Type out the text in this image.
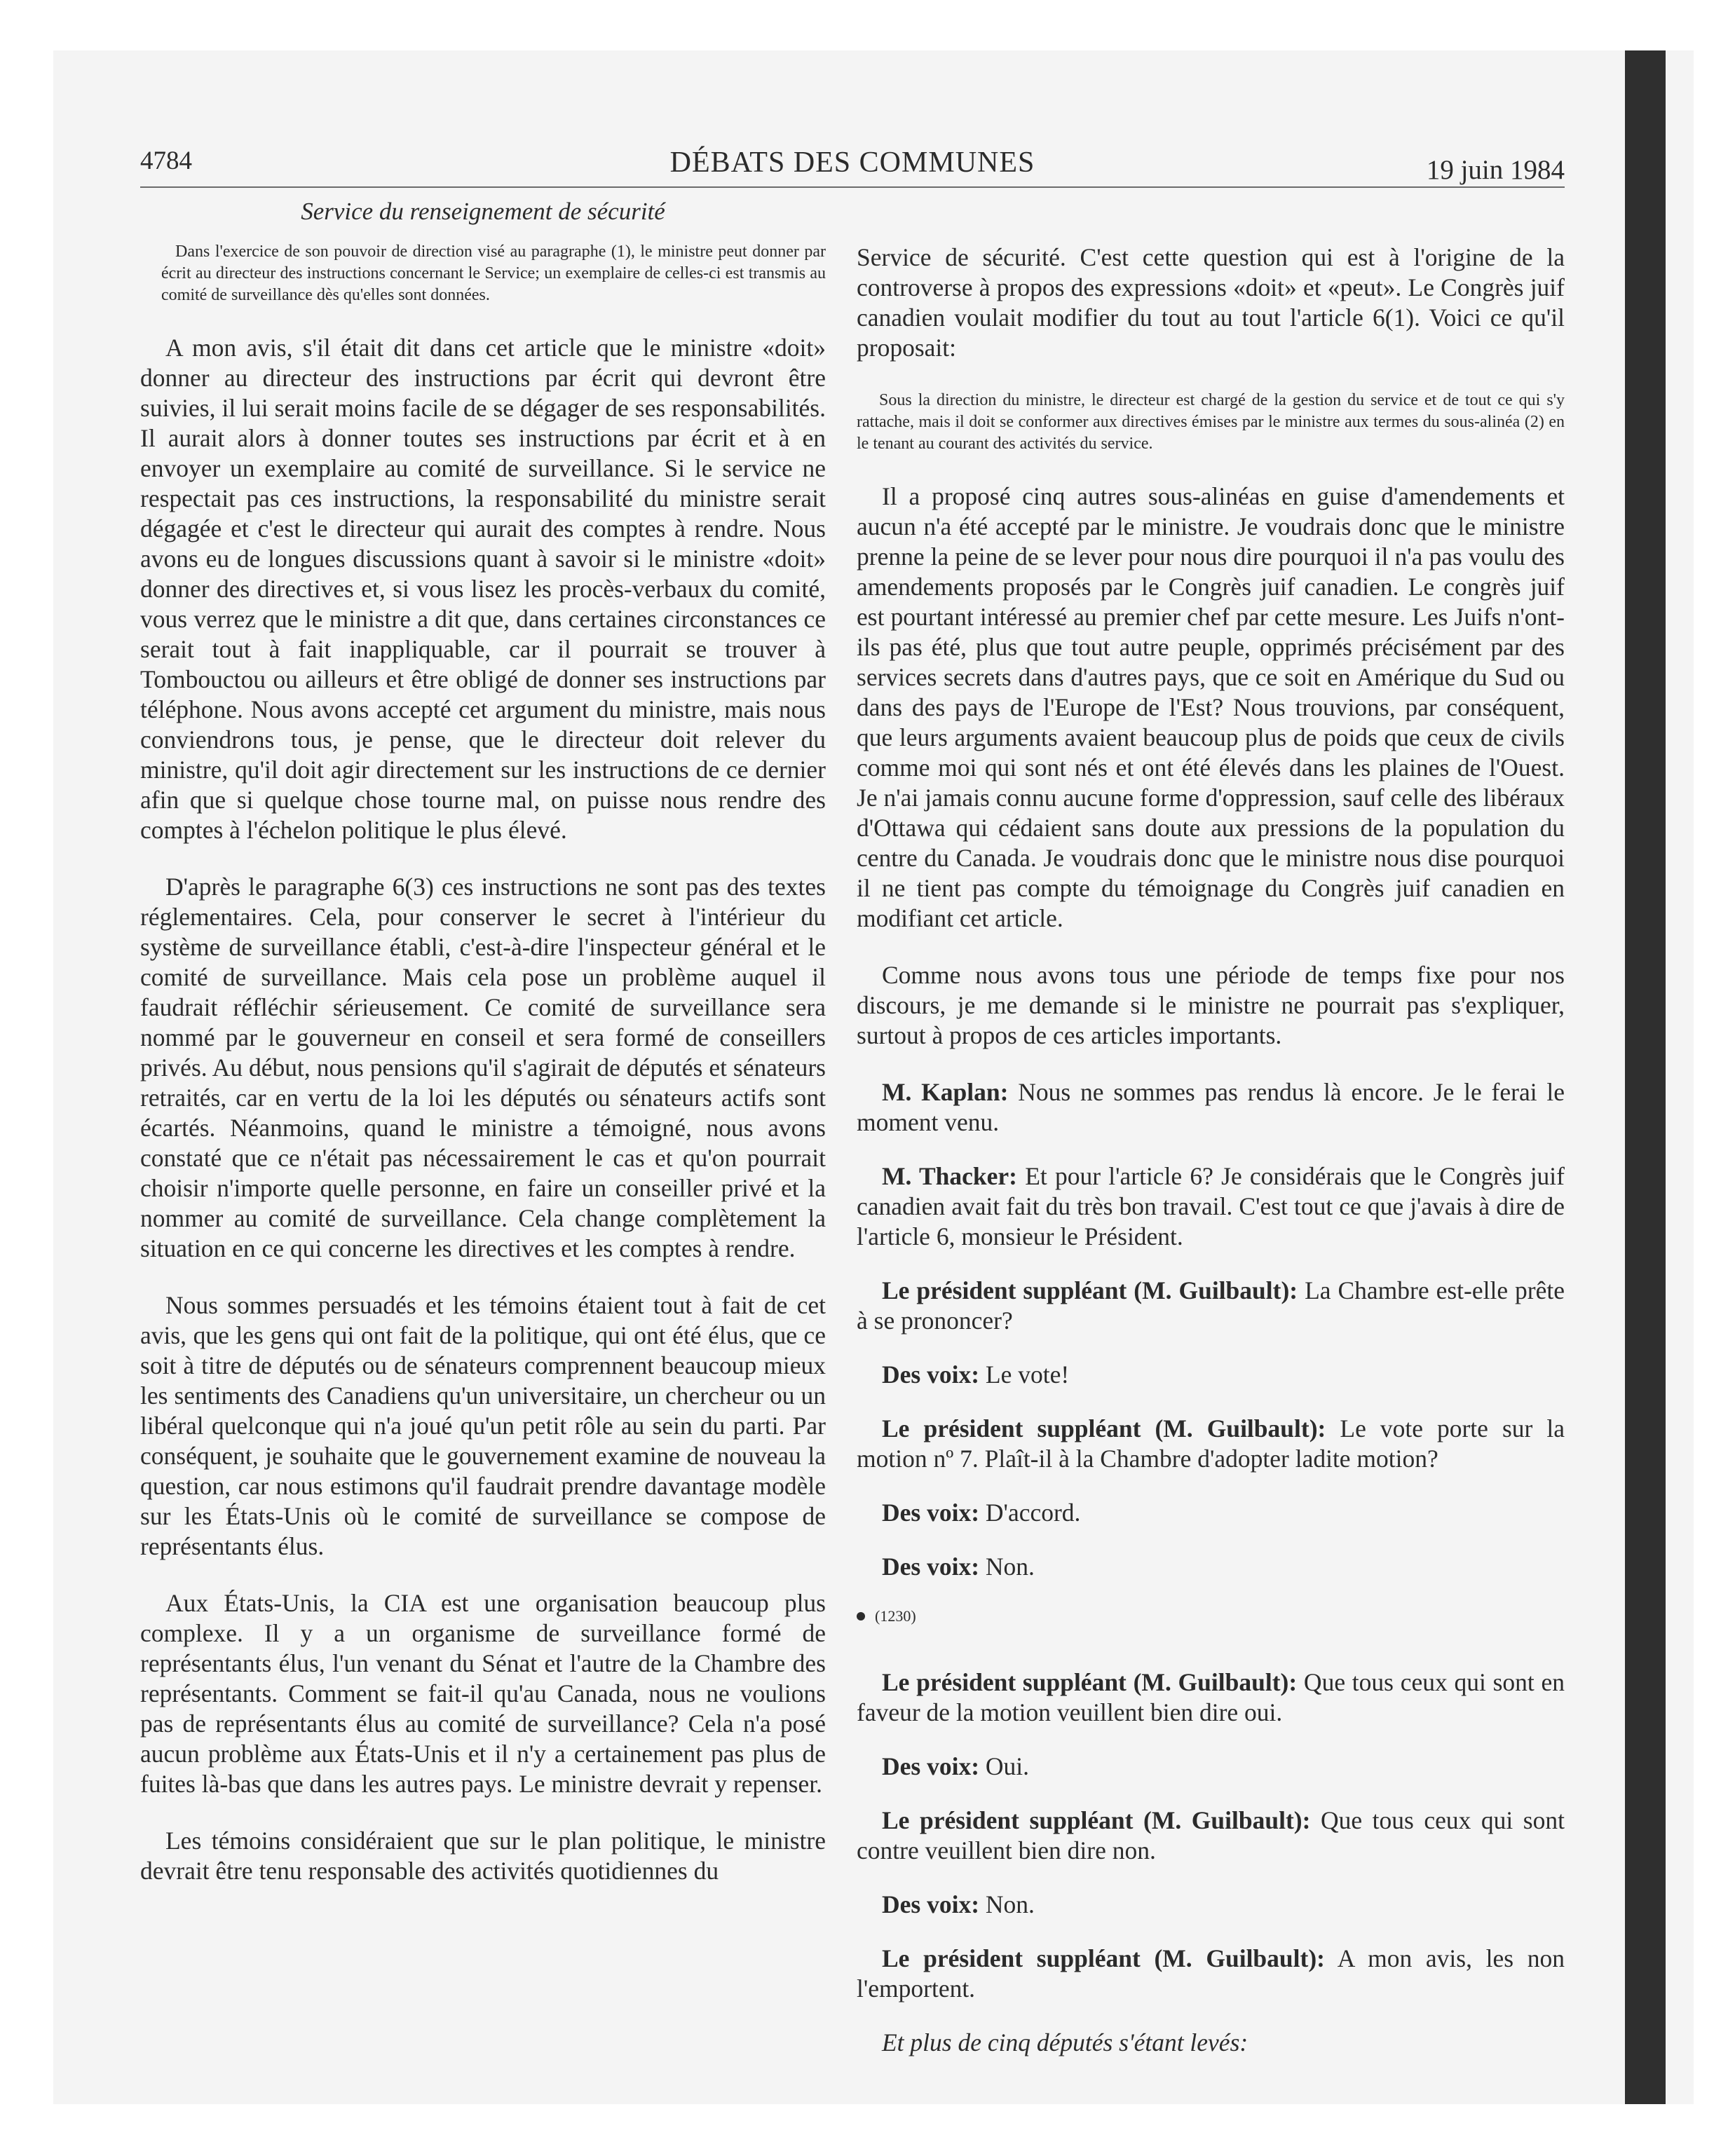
4784	DÉBATS DES COMMUNES	19 juin 1984

Service du renseignement de sécurité

Dans l'exercice de son pouvoir de direction visé au paragraphe (1), le ministre peut donner par écrit au directeur des instructions concernant le Service; un exemplaire de celles-ci est transmis au comité de surveillance dès qu'elles sont données.

A mon avis, s'il était dit dans cet article que le ministre «doit» donner au directeur des instructions par écrit qui devront être suivies, il lui serait moins facile de se dégager de ses responsabilités. Il aurait alors à donner toutes ses instructions par écrit et à en envoyer un exemplaire au comité de surveillance. Si le service ne respectait pas ces instructions, la responsabilité du ministre serait dégagée et c'est le directeur qui aurait des comptes à rendre. Nous avons eu de longues discussions quant à savoir si le ministre «doit» donner des directives et, si vous lisez les procès-verbaux du comité, vous verrez que le ministre a dit que, dans certaines circonstances ce serait tout à fait inappliquable, car il pourrait se trouver à Tombouctou ou ailleurs et être obligé de donner ses instructions par téléphone. Nous avons accepté cet argument du ministre, mais nous conviendrons tous, je pense, que le directeur doit relever du ministre, qu'il doit agir directement sur les instructions de ce dernier afin que si quelque chose tourne mal, on puisse nous rendre des comptes à l'échelon politique le plus élevé.

D'après le paragraphe 6(3) ces instructions ne sont pas des textes réglementaires. Cela, pour conserver le secret à l'intérieur du système de surveillance établi, c'est-à-dire l'inspecteur général et le comité de surveillance. Mais cela pose un problème auquel il faudrait réfléchir sérieusement. Ce comité de surveillance sera nommé par le gouverneur en conseil et sera formé de conseillers privés. Au début, nous pensions qu'il s'agirait de députés et sénateurs retraités, car en vertu de la loi les députés ou sénateurs actifs sont écartés. Néanmoins, quand le ministre a témoigné, nous avons constaté que ce n'était pas nécessairement le cas et qu'on pourrait choisir n'importe quelle personne, en faire un conseiller privé et la nommer au comité de surveillance. Cela change complètement la situation en ce qui concerne les directives et les comptes à rendre.

Nous sommes persuadés et les témoins étaient tout à fait de cet avis, que les gens qui ont fait de la politique, qui ont été élus, que ce soit à titre de députés ou de sénateurs comprennent beaucoup mieux les sentiments des Canadiens qu'un universitaire, un chercheur ou un libéral quelconque qui n'a joué qu'un petit rôle au sein du parti. Par conséquent, je souhaite que le gouvernement examine de nouveau la question, car nous estimons qu'il faudrait prendre davantage modèle sur les États-Unis où le comité de surveillance se compose de représentants élus.

Aux États-Unis, la CIA est une organisation beaucoup plus complexe. Il y a un organisme de surveillance formé de représentants élus, l'un venant du Sénat et l'autre de la Chambre des représentants. Comment se fait-il qu'au Canada, nous ne voulions pas de représentants élus au comité de surveillance? Cela n'a posé aucun problème aux États-Unis et il n'y a certainement pas plus de fuites là-bas que dans les autres pays. Le ministre devrait y repenser.

Les témoins considéraient que sur le plan politique, le ministre devrait être tenu responsable des activités quotidiennes du

Service de sécurité. C'est cette question qui est à l'origine de la controverse à propos des expressions «doit» et «peut». Le Congrès juif canadien voulait modifier du tout au tout l'article 6(1). Voici ce qu'il proposait:

Sous la direction du ministre, le directeur est chargé de la gestion du service et de tout ce qui s'y rattache, mais il doit se conformer aux directives émises par le ministre aux termes du sous-alinéa (2) en le tenant au courant des activités du service.

Il a proposé cinq autres sous-alinéas en guise d'amendements et aucun n'a été accepté par le ministre. Je voudrais donc que le ministre prenne la peine de se lever pour nous dire pourquoi il n'a pas voulu des amendements proposés par le Congrès juif canadien. Le congrès juif est pourtant intéressé au premier chef par cette mesure. Les Juifs n'ont-ils pas été, plus que tout autre peuple, opprimés précisément par des services secrets dans d'autres pays, que ce soit en Amérique du Sud ou dans des pays de l'Europe de l'Est? Nous trouvions, par conséquent, que leurs arguments avaient beaucoup plus de poids que ceux de civils comme moi qui sont nés et ont été élevés dans les plaines de l'Ouest. Je n'ai jamais connu aucune forme d'oppression, sauf celle des libéraux d'Ottawa qui cédaient sans doute aux pressions de la population du centre du Canada. Je voudrais donc que le ministre nous dise pourquoi il ne tient pas compte du témoignage du Congrès juif canadien en modifiant cet article.

Comme nous avons tous une période de temps fixe pour nos discours, je me demande si le ministre ne pourrait pas s'expliquer, surtout à propos de ces articles importants.

M. Kaplan: Nous ne sommes pas rendus là encore. Je le ferai le moment venu.

M. Thacker: Et pour l'article 6? Je considérais que le Congrès juif canadien avait fait du très bon travail. C'est tout ce que j'avais à dire de l'article 6, monsieur le Président.

Le président suppléant (M. Guilbault): La Chambre est-elle prête à se prononcer?

Des voix: Le vote!

Le président suppléant (M. Guilbault): Le vote porte sur la motion nº 7. Plaît-il à la Chambre d'adopter ladite motion?

Des voix: D'accord.

Des voix: Non.

(1230)

Le président suppléant (M. Guilbault): Que tous ceux qui sont en faveur de la motion veuillent bien dire oui.

Des voix: Oui.

Le président suppléant (M. Guilbault): Que tous ceux qui sont contre veuillent bien dire non.

Des voix: Non.

Le président suppléant (M. Guilbault): A mon avis, les non l'emportent.

Et plus de cinq députés s'étant levés:
